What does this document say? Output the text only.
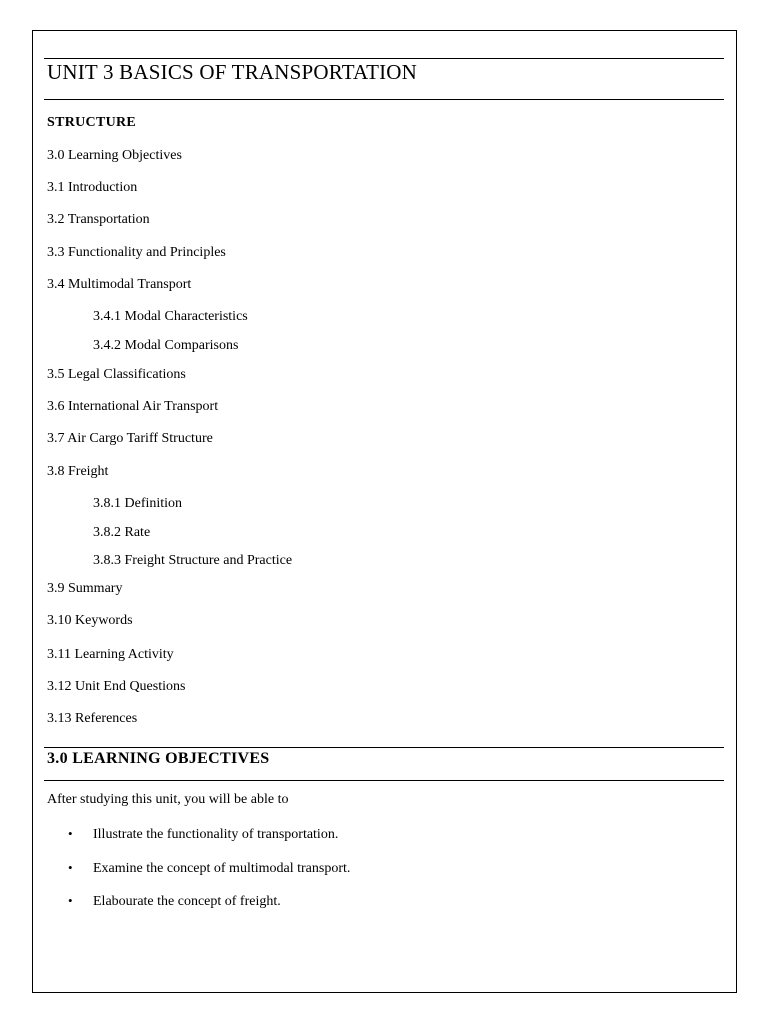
UNIT 3 BASICS OF TRANSPORTATION
STRUCTURE
3.0 Learning Objectives
3.1 Introduction
3.2 Transportation
3.3 Functionality and Principles
3.4 Multimodal Transport
3.4.1 Modal Characteristics
3.4.2 Modal Comparisons
3.5 Legal Classifications
3.6 International Air Transport
3.7 Air Cargo Tariff Structure
3.8 Freight
3.8.1 Definition
3.8.2 Rate
3.8.3 Freight Structure and Practice
3.9 Summary
3.10 Keywords
3.11 Learning Activity
3.12 Unit End Questions
3.13 References
3.0 LEARNING OBJECTIVES
After studying this unit, you will be able to
•	Illustrate the functionality of transportation.
•	Examine the concept of multimodal transport.
•	Elabourate the concept of freight.
